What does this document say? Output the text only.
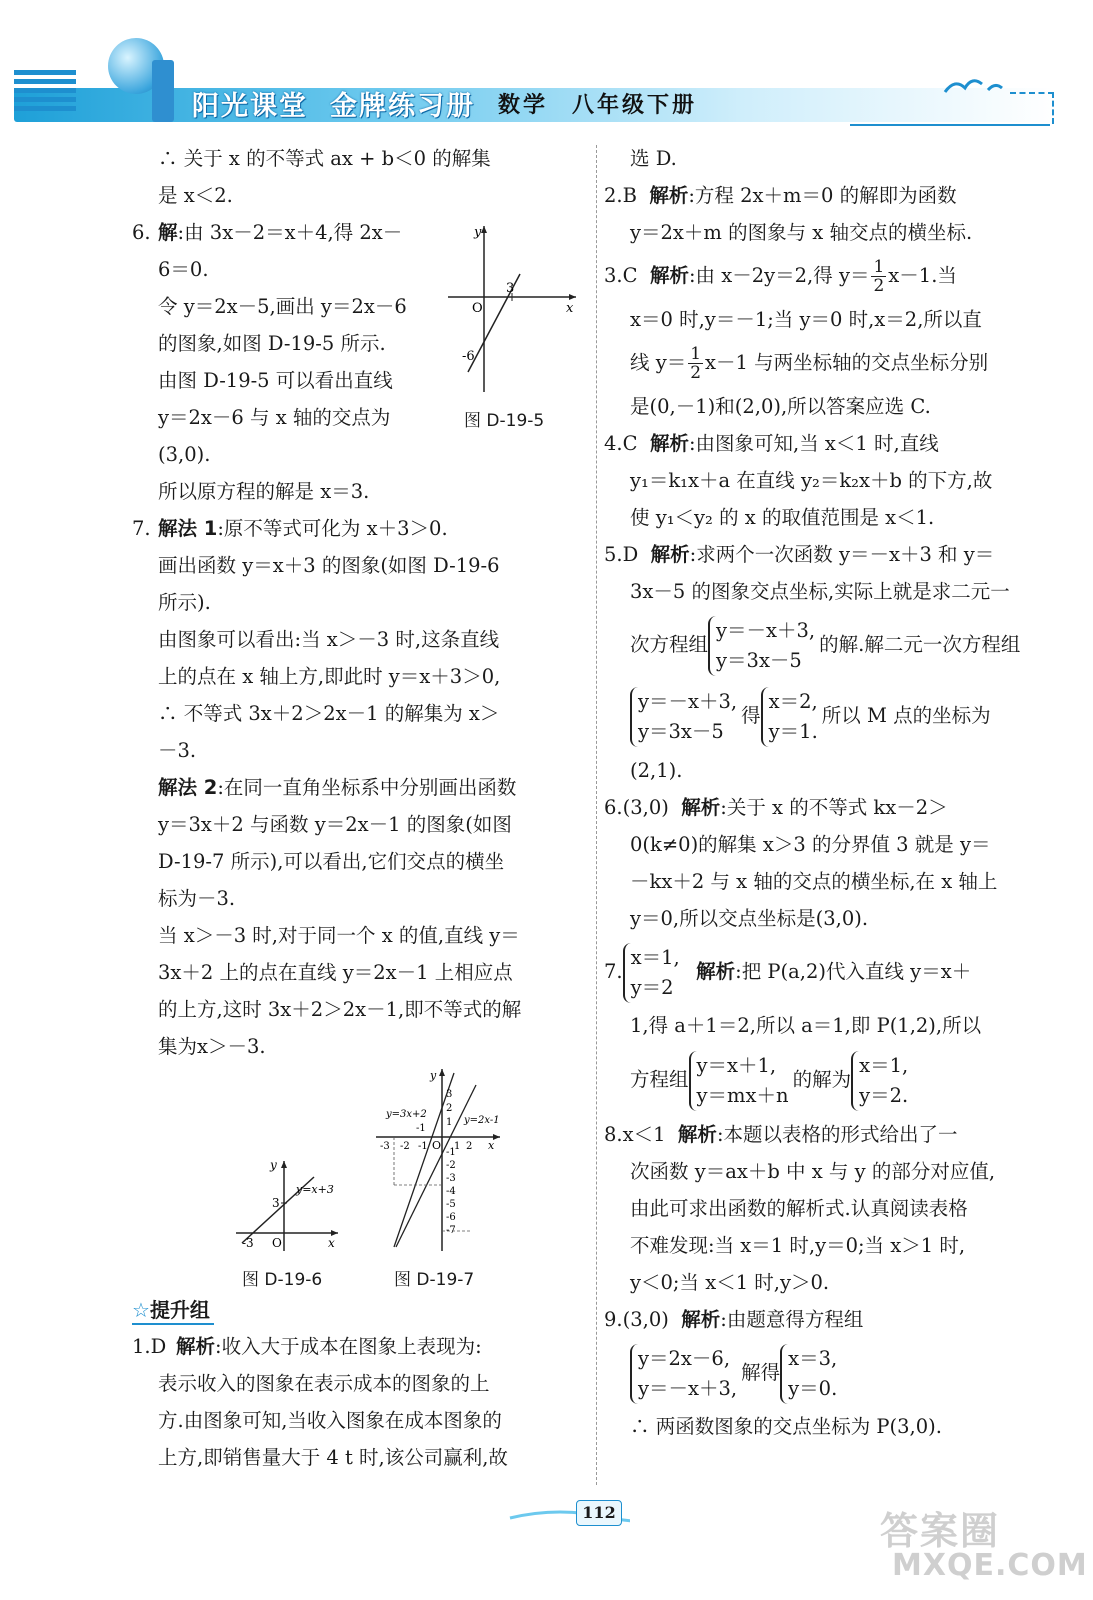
阳光课堂 金牌练习册 数学 八年级下册
∴ 关于 x 的不等式 ax + b＜0 的解集
是 x＜2.
6. 解:由 3x－2＝x＋4,得 2x－
6＝0.
令 y＝2x－5,画出 y＝2x－6
的图象,如图 D-19-5 所示.
由图 D-19-5 可以看出直线
y＝2x－6 与 x 轴的交点为
(3,0).
所以原方程的解是 x＝3.
7. 解法 1:原不等式可化为 x＋3＞0.
画出函数 y＝x＋3 的图象(如图 D-19-6
所示).
由图象可以看出:当 x＞－3 时,这条直线
上的点在 x 轴上方,即此时 y＝x＋3＞0,
∴ 不等式 3x＋2＞2x－1 的解集为 x＞
－3.
解法 2:在同一直角坐标系中分别画出函数
y＝3x＋2 与函数 y＝2x－1 的图象(如图
D-19-7 所示),可以看出,它们交点的横坐
标为－3.
当 x＞－3 时,对于同一个 x 的值,直线 y＝
3x＋2 上的点在直线 y＝2x－1 上相应点
的上方,这时 3x＋2＞2x－1,即不等式的解
集为x＞－3.
y
x
O
3
-6
图 D-19-5
y
x
O
-3
3
y=x+3
图 D-19-6
y
x
O
y=3x+2
y=2x-1
-1
3
2
1
-1
-2
-3
-4
-5
-6
-7
-3 -2 -1	1 2
图 D-19-7
☆提升组
1.D 解析:收入大于成本在图象上表现为:
表示收入的图象在表示成本的图象的上
方.由图象可知,当收入图象在成本图象的
上方,即销售量大于 4 t 时,该公司赢利,故
选 D.
2.B 解析:方程 2x＋m＝0 的解即为函数
y＝2x＋m 的图象与 x 轴交点的横坐标.
3.C 解析:由 x－2y＝2,得 $y= \frac{1}{2} x-1$.当
x＝0 时,y＝－1;当 y＝0 时,x＝2,所以直
线 $y= \frac{1}{2} x-1$ 与两坐标轴的交点坐标分别
是(0,－1)和(2,0),所以答案应选 C.
4.C 解析:由图象可知,当 x＜1 时,直线
y₁＝k₁x＋a 在直线 y₂＝k₂x＋b 的下方,故
使 y₁＜y₂ 的 x 的取值范围是 x＜1.
5.D 解析:求两个一次函数 y＝－x＋3 和 y＝
3x－5 的图象交点坐标,实际上就是求二元一
次方程组
y＝－x＋3,
y＝3x－5
的解.解二元一次方程组
y＝－x＋3,
y＝3x－5
得
x＝2,
y＝1.
所以 M 点的坐标为
(2,1).
6.(3,0) 解析:关于 x 的不等式 kx－2＞
0(k≠0)的解集 x＞3 的分界值 3 就是 y＝
－kx＋2 与 x 轴的交点的横坐标,在 x 轴上
y＝0,所以交点坐标是(3,0).
7.
x＝1,
y＝2
解析:把 P(a,2)代入直线 y＝x＋
1,得 a＋1＝2,所以 a＝1,即 P(1,2),所以
方程组
y＝x＋1,
y＝mx＋n
的解为
x＝1,
y＝2.
8.x＜1 解析:本题以表格的形式给出了一
次函数 y＝ax＋b 中 x 与 y 的部分对应值,
由此可求出函数的解析式.认真阅读表格
不难发现:当 x＝1 时,y＝0;当 x＞1 时,
y＜0;当 x＜1 时,y＞0.
9.(3,0) 解析:由题意得方程组
y＝2x－6,
y＝－x＋3,
解得
x＝3,
y＝0.
∴ 两函数图象的交点坐标为 P(3,0).
112	答案圈
MXQE.COM
